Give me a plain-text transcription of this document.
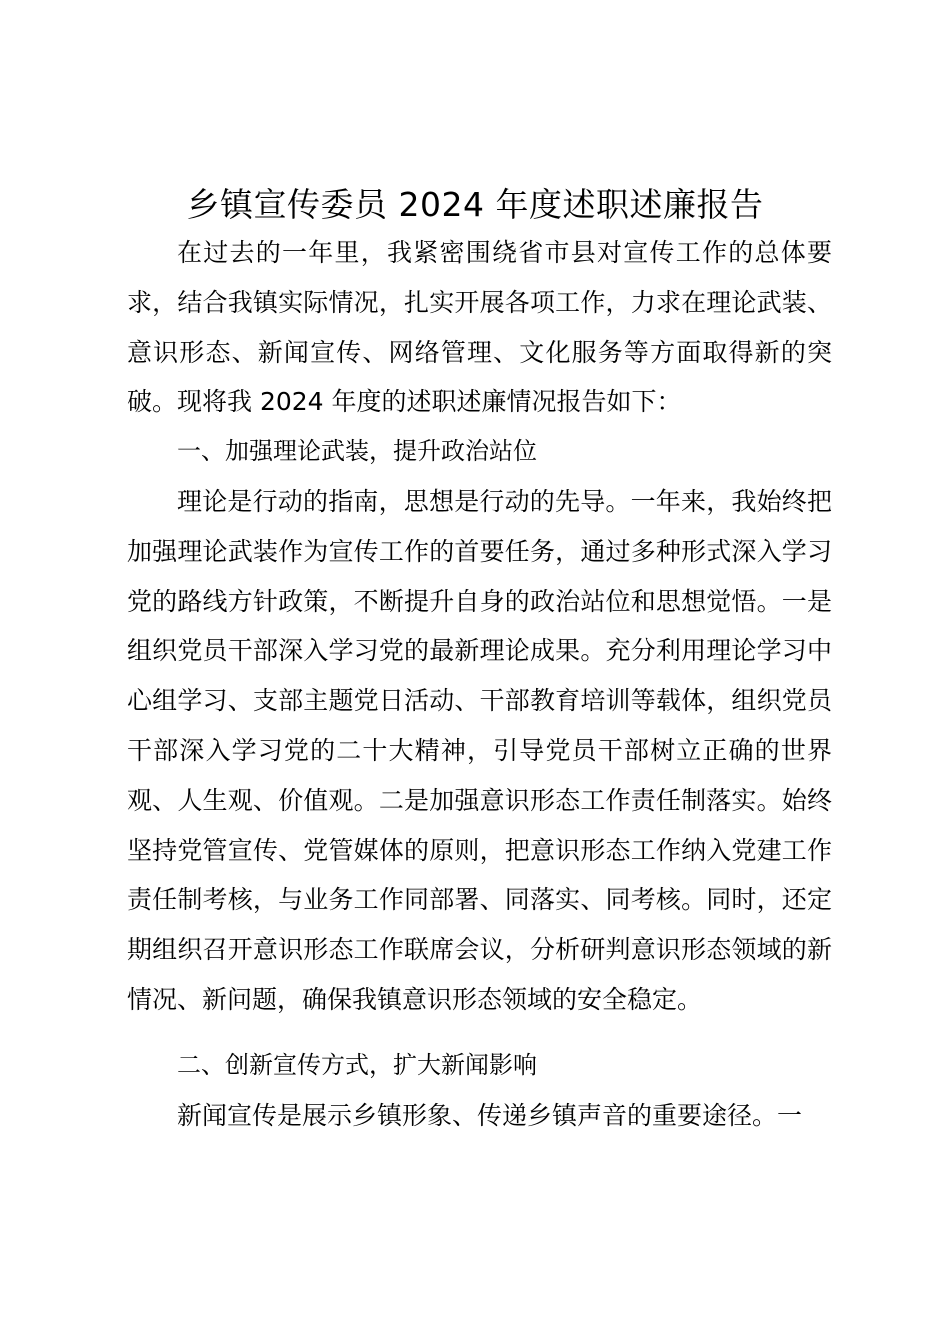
乡镇宣传委员 2024 年度述职述廉报告

在过去的一年里，我紧密围绕省市县对宣传工作的总体要求，结合我镇实际情况，扎实开展各项工作，力求在理论武装、意识形态、新闻宣传、网络管理、文化服务等方面取得新的突破。现将我 2024 年度的述职述廉情况报告如下：

一、加强理论武装，提升政治站位

理论是行动的指南，思想是行动的先导。一年来，我始终把加强理论武装作为宣传工作的首要任务，通过多种形式深入学习党的路线方针政策，不断提升自身的政治站位和思想觉悟。一是组织党员干部深入学习党的最新理论成果。充分利用理论学习中心组学习、支部主题党日活动、干部教育培训等载体，组织党员干部深入学习党的二十大精神，引导党员干部树立正确的世界观、人生观、价值观。二是加强意识形态工作责任制落实。始终坚持党管宣传、党管媒体的原则，把意识形态工作纳入党建工作责任制考核，与业务工作同部署、同落实、同考核。同时，还定期组织召开意识形态工作联席会议，分析研判意识形态领域的新情况、新问题，确保我镇意识形态领域的安全稳定。

二、创新宣传方式，扩大新闻影响

新闻宣传是展示乡镇形象、传递乡镇声音的重要途径。一
